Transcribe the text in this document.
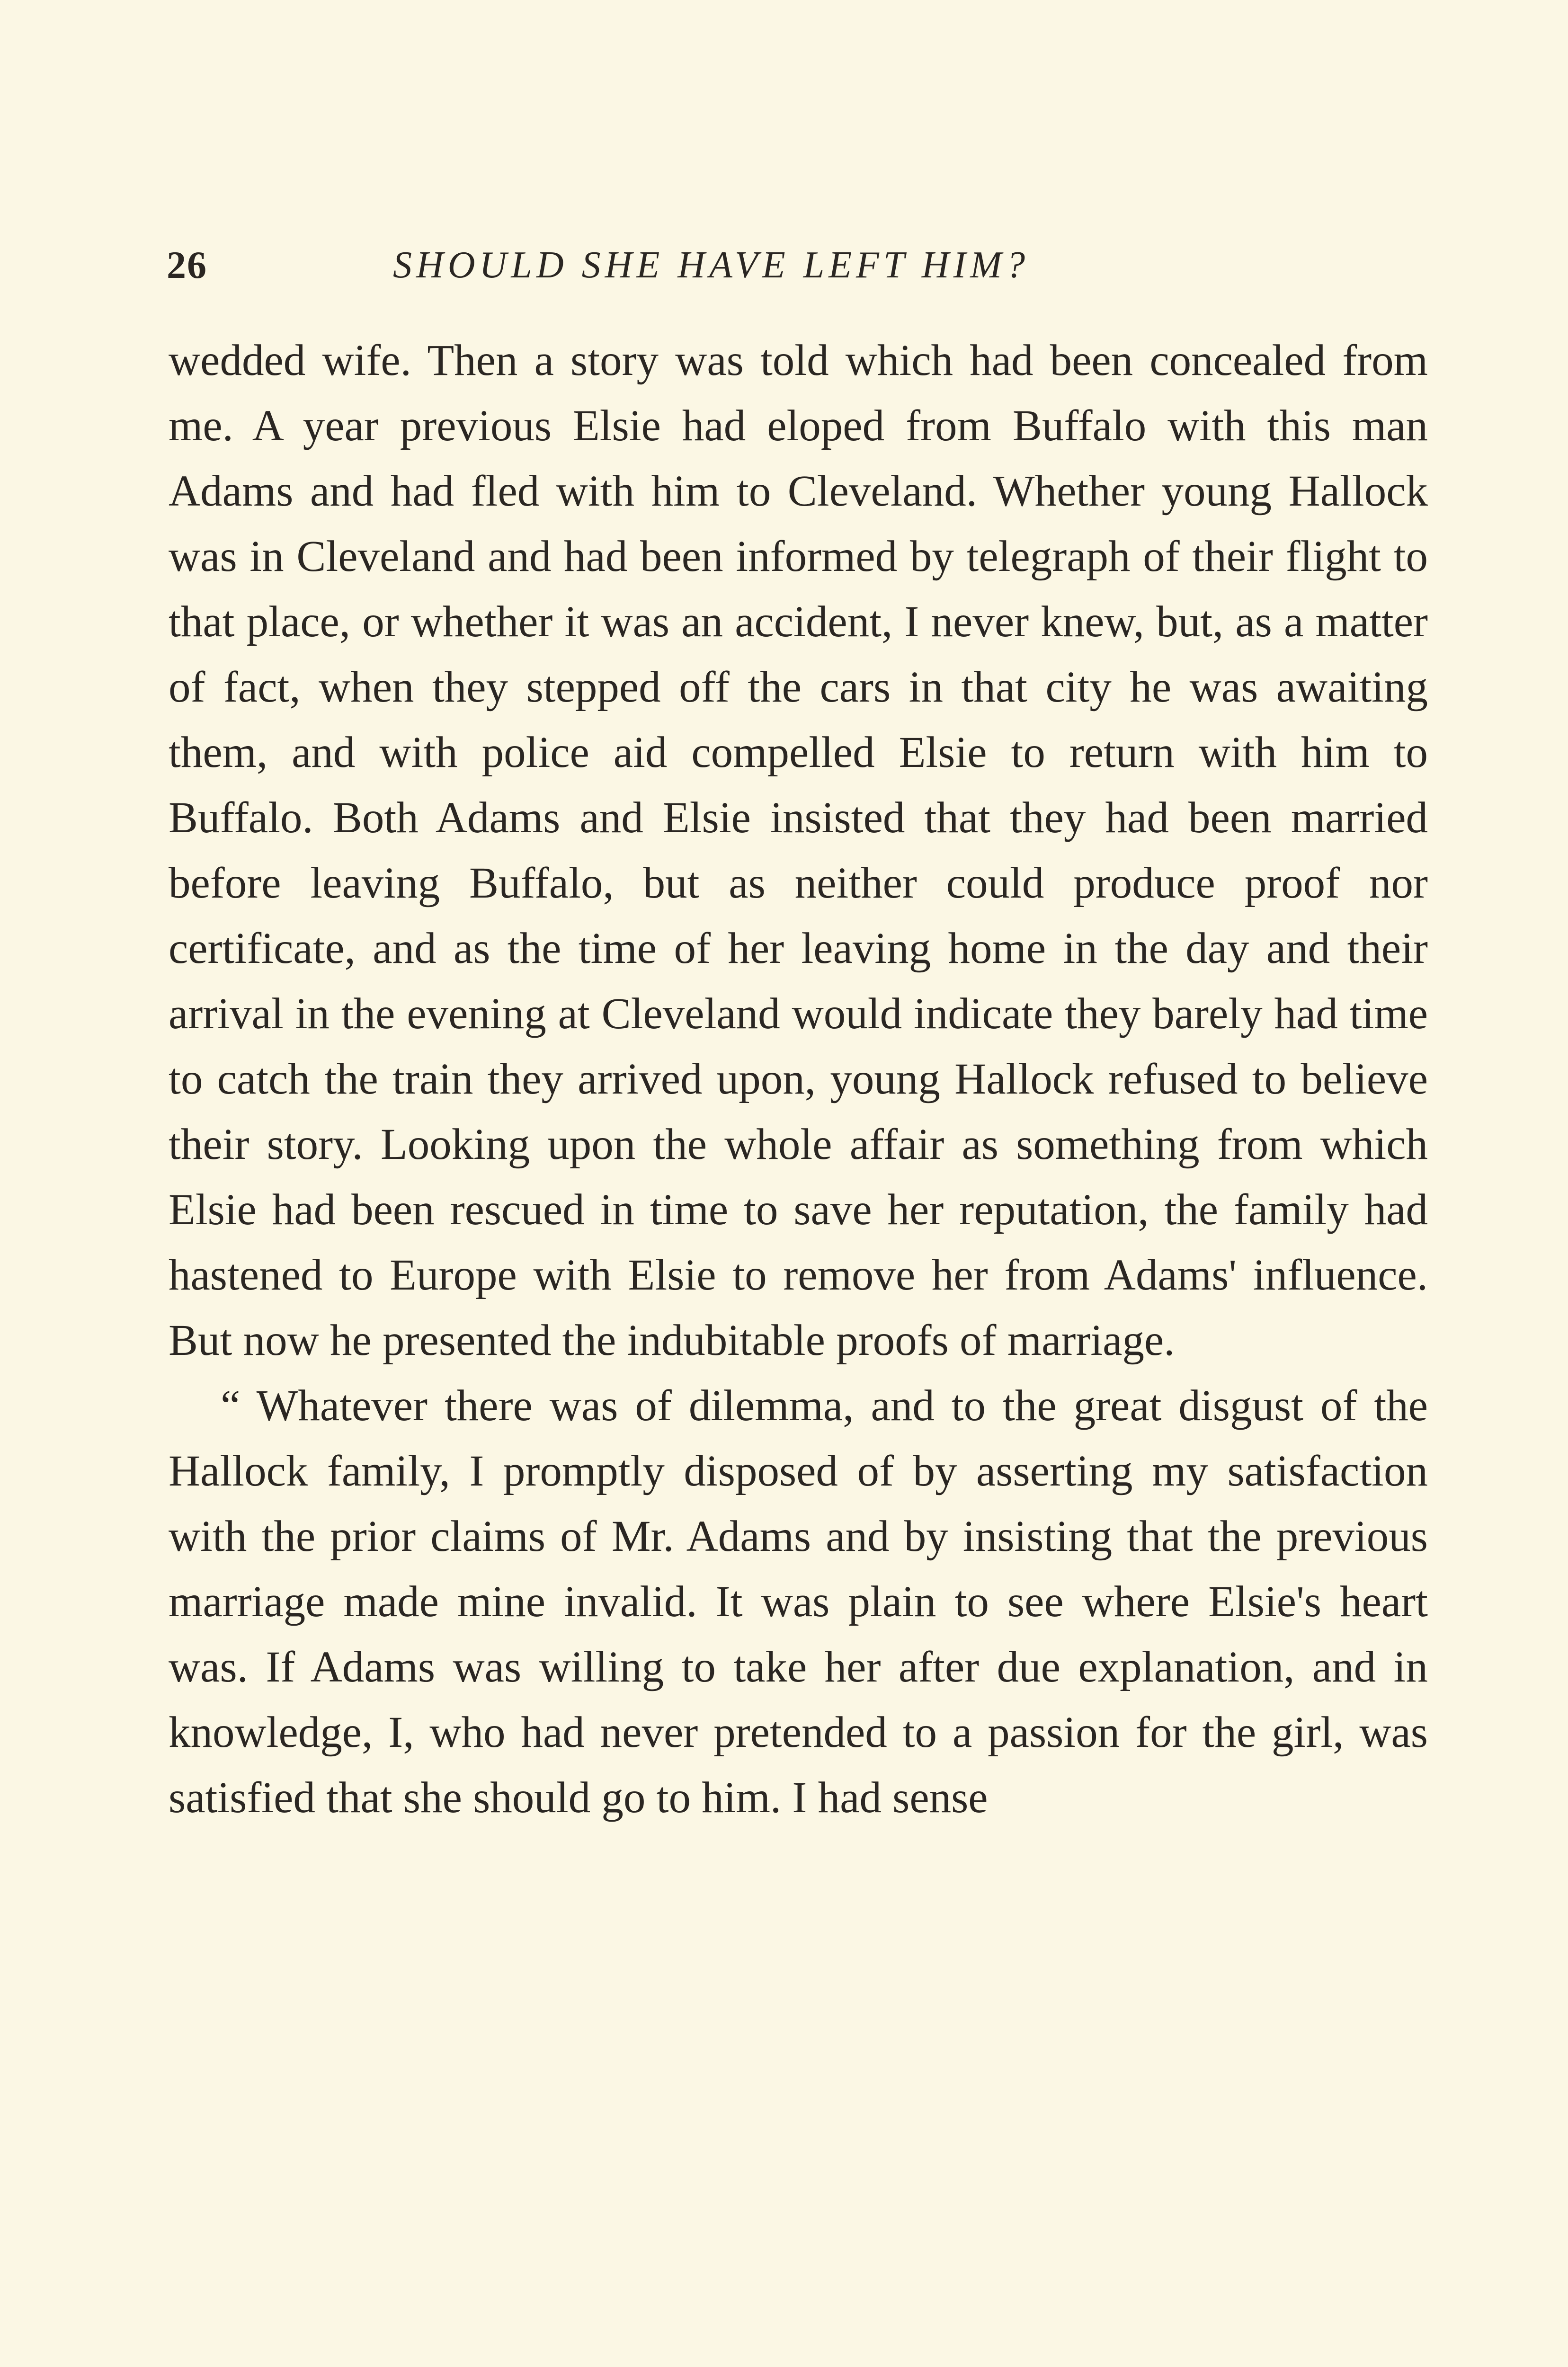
26	SHOULD SHE HAVE LEFT HIM?

wedded wife. Then a story was told which had been concealed from me. A year previous Elsie had eloped from Buffalo with this man Adams and had fled with him to Cleveland. Whether young Hallock was in Cleveland and had been informed by telegraph of their flight to that place, or whether it was an accident, I never knew, but, as a matter of fact, when they stepped off the cars in that city he was awaiting them, and with police aid compelled Elsie to return with him to Buffalo. Both Adams and Elsie insisted that they had been married before leaving Buffalo, but as neither could produce proof nor certificate, and as the time of her leaving home in the day and their arrival in the evening at Cleveland would indicate they barely had time to catch the train they arrived upon, young Hallock refused to believe their story. Looking upon the whole affair as something from which Elsie had been rescued in time to save her reputation, the family had hastened to Europe with Elsie to remove her from Adams' influence. But now he presented the indubitable proofs of marriage.

“ Whatever there was of dilemma, and to the great disgust of the Hallock family, I promptly disposed of by asserting my satisfaction with the prior claims of Mr. Adams and by insisting that the previous marriage made mine invalid. It was plain to see where Elsie's heart was. If Adams was willing to take her after due explanation, and in knowledge, I, who had never pretended to a passion for the girl, was satisfied that she should go to him. I had sense
